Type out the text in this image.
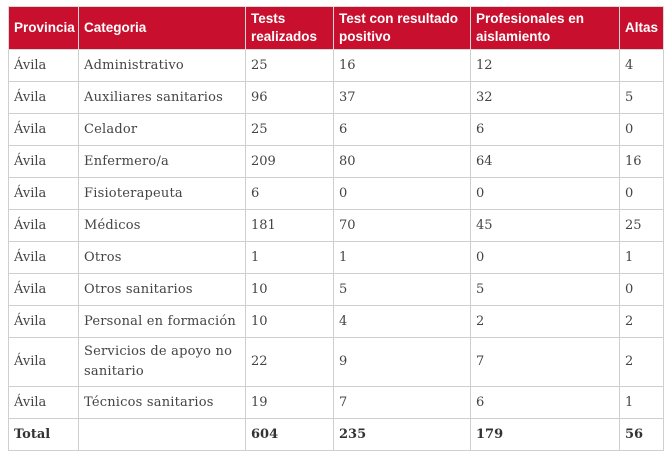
Provincia	Categoria	Tests realizados	Test con resultado positivo	Profesionales en aislamiento	Altas
Ávila	Administrativo	25	16	12	4
Ávila	Auxiliares sanitarios	96	37	32	5
Ávila	Celador	25	6	6	0
Ávila	Enfermero/a	209	80	64	16
Ávila	Fisioterapeuta	6	0	0	0
Ávila	Médicos	181	70	45	25
Ávila	Otros	1	1	0	1
Ávila	Otros sanitarios	10	5	5	0
Ávila	Personal en formación	10	4	2	2
Ávila	Servicios de apoyo no sanitario	22	9	7	2
Ávila	Técnicos sanitarios	19	7	6	1
Total		604	235	179	56
